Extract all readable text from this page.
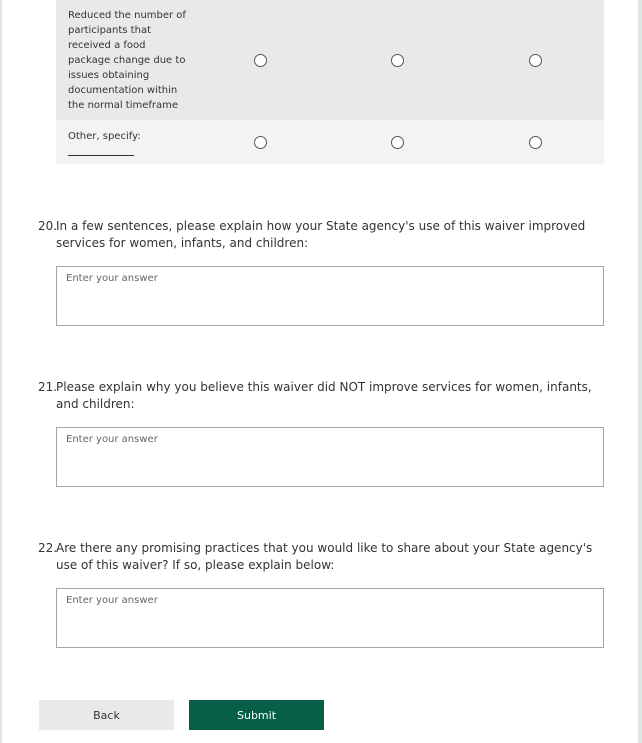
Reduced the number of participants that received a food package change due to issues obtaining documentation within the normal timeframe
Other, specify:
20.
In a few sentences, please explain how your State agency's use of this waiver improved services for women, infants, and children:
Enter your answer
21.
Please explain why you believe this waiver did NOT improve services for women, infants, and children:
Enter your answer
22.
Are there any promising practices that you would like to share about your State agency's use of this waiver? If so, please explain below:
Enter your answer
Back	Submit
